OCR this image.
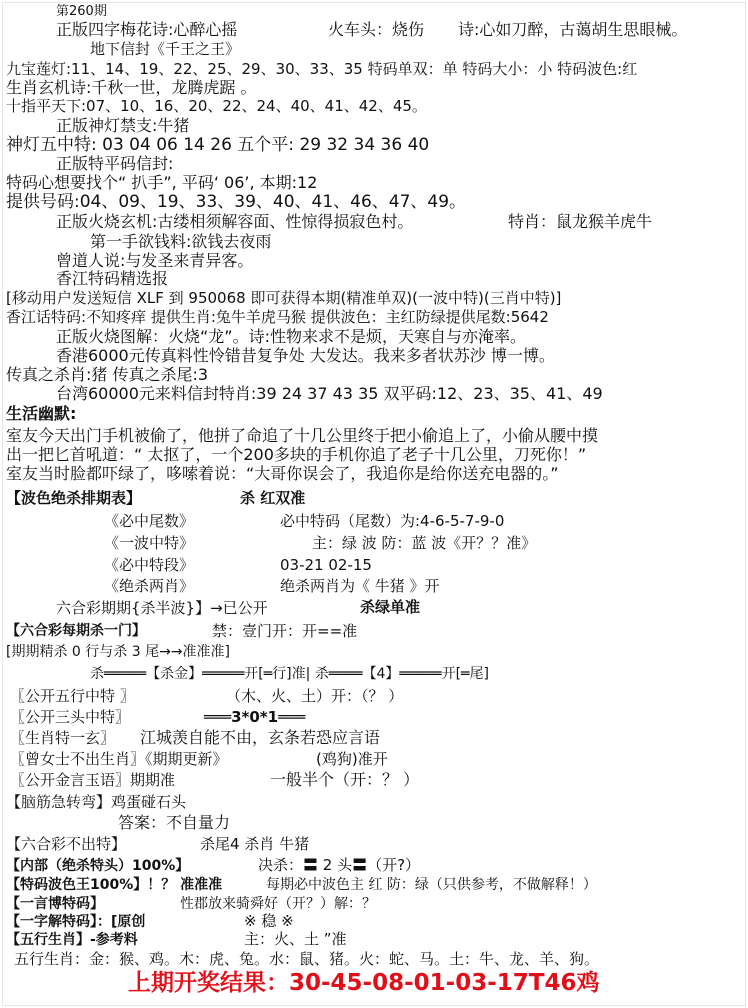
第260期
正版四字梅花诗:心醉心摇	火车头：烧伤 诗:心如刀醉，古蔼胡生思眼械。
地下信封《千王之王》
九宝莲灯:11、14、19、22、25、29、30、33、35 特码单双：单 特码大小：小 特码波色:红
生肖玄机诗:千秋一世，龙腾虎踞 。
十指平天下:07、10、16、20、22、24、40、41、42、45。
正版神灯禁支:牛猪
神灯五中特: 03 04 06 14 26 五个平: 29 32 34 36 40
正版特平码信封:
特码心想要找个“ 扒手”, 平码‘ 06’, 本期:12
提供号码:04、09、19、33、39、40、41、46、47、49。
正版火烧玄机:古缕相须解容面、性惊得损寂色村。	特肖：鼠龙猴羊虎牛
第一手欲钱料:欲钱去夜雨
曾道人说:与发圣来青异客。
香江特码精选报
[移动用户发送短信 XLF 到 950068 即可获得本期(精准单双)(一波中特)(三肖中特)]
香江话特码:不知疼痒 提供生肖:兔牛羊虎马猴 提供波色：主红防绿提供尾数:5642
正版火烧图解：火烧“龙”。诗:性物来求不是烦，天寒自与亦淹率。
香港6000元传真料性怜错昔复争处 大发达。我来多者状苏沙 博一博。
传真之杀肖:猪 传真之杀尾:3
台湾60000元来料信封特肖:39 24 37 43 35 双平码:12、23、35、41、49
生活幽默:
室友今天出门手机被偷了，他拼了命追了十几公里终于把小偷追上了，小偷从腰中摸
出一把匕首吼道：“ 太抠了，一个200多块的手机你追了老子十几公里，刀死你！”
室友当时脸都吓绿了，哆嗦着说：“大哥你误会了，我追你是给你送充电器的。”
【波色绝杀排期表】	杀 红双准
《必中尾数》	必中特码（尾数）为:4-6-5-7-9-0
《一波中特》	主：绿 波 防：蓝 波《开？？准》
《必中特段》	03-21 02-15
《绝杀两肖》	绝杀两肖为《 牛猪 》开
六合彩期期{杀半波}】→已公开	杀绿单准
【六合彩每期杀一门】	禁：壹门开：开==准
[期期精杀 0 行与杀 3 尾→→准准准]
杀═════【杀金】═════开[═行]准| 杀════【4】═════开[═尾]
〖公开五行中特 〗	（木、火、土）开：（？ ）
〖公开三头中特〗	═══3*0*1═══
〖生肖特一玄〗 江城羡自能不由，玄条若恐应言语
〖曾女士不出生肖〗《期期更新》	(鸡狗)准开
〖公开金言玉语〗期期准	一般半个（开：？ ）
【脑筋急转弯】鸡蛋碰石头
答案：不自量力
【六合彩不出特】	杀尾4 杀肖 牛猪
【内部（绝杀特头）100%】	决杀：〓 2 头〓（开?）
【特码波色王100%】！？ 准准准	每期必中波色主 红 防：绿（只供参考，不做解释！）
【一言博特码】	性郡放来骑舜好（开？）解：？
【一字解特码】：[原创	※ 稳 ※
【五行生肖】-参考料	主：火、土 ”准
五行生肖：金：猴、鸡。木：虎、兔。水：鼠、猪。火：蛇、马。土：牛、龙、羊、狗。
上期开奖结果：30-45-08-01-03-17T46鸡
